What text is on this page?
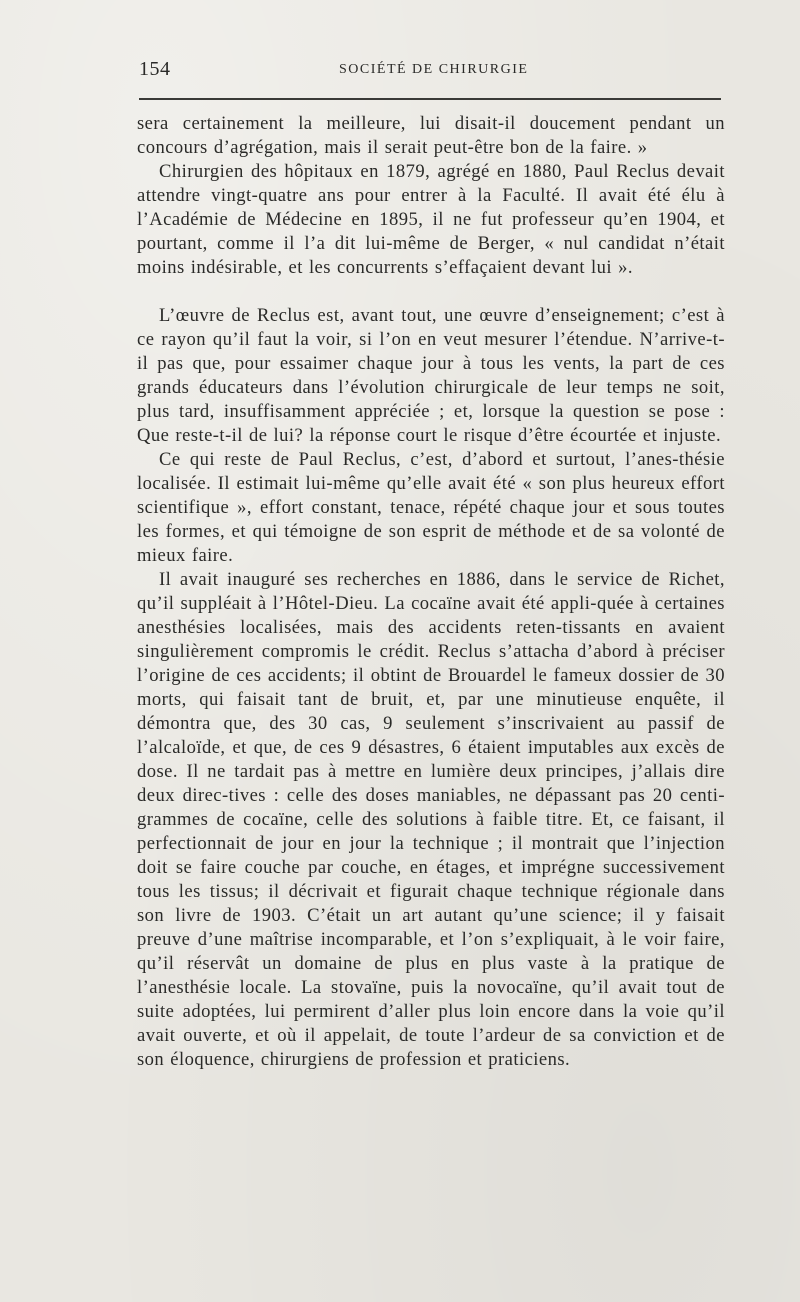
154	SOCIÉTÉ DE CHIRURGIE

sera certainement la meilleure, lui disait-il doucement pendant un concours d’agrégation, mais il serait peut-être bon de la faire. »

Chirurgien des hôpitaux en 1879, agrégé en 1880, Paul Reclus devait attendre vingt-quatre ans pour entrer à la Faculté. Il avait été élu à l’Académie de Médecine en 1895, il ne fut professeur qu’en 1904, et pourtant, comme il l’a dit lui-même de Berger, « nul candidat n’était moins indésirable, et les concurrents s’effaçaient devant lui ».

L’œuvre de Reclus est, avant tout, une œuvre d’enseignement; c’est à ce rayon qu’il faut la voir, si l’on en veut mesurer l’étendue. N’arrive-t-il pas que, pour essaimer chaque jour à tous les vents, la part de ces grands éducateurs dans l’évolution chirurgicale de leur temps ne soit, plus tard, insuffisamment appréciée ; et, lorsque la question se pose : Que reste-t-il de lui? la réponse court le risque d’être écourtée et injuste.

Ce qui reste de Paul Reclus, c’est, d’abord et surtout, l’anes-thésie localisée. Il estimait lui-même qu’elle avait été « son plus heureux effort scientifique », effort constant, tenace, répété chaque jour et sous toutes les formes, et qui témoigne de son esprit de méthode et de sa volonté de mieux faire.

Il avait inauguré ses recherches en 1886, dans le service de Richet, qu’il suppléait à l’Hôtel-Dieu. La cocaïne avait été appli-quée à certaines anesthésies localisées, mais des accidents reten-tissants en avaient singulièrement compromis le crédit. Reclus s’attacha d’abord à préciser l’origine de ces accidents; il obtint de Brouardel le fameux dossier de 30 morts, qui faisait tant de bruit, et, par une minutieuse enquête, il démontra que, des 30 cas, 9 seulement s’inscrivaient au passif de l’alcaloïde, et que, de ces 9 désastres, 6 étaient imputables aux excès de dose. Il ne tardait pas à mettre en lumière deux principes, j’allais dire deux direc-tives : celle des doses maniables, ne dépassant pas 20 centi-grammes de cocaïne, celle des solutions à faible titre. Et, ce faisant, il perfectionnait de jour en jour la technique ; il montrait que l’injection doit se faire couche par couche, en étages, et imprégne successivement tous les tissus; il décrivait et figurait chaque technique régionale dans son livre de 1903. C’était un art autant qu’une science; il y faisait preuve d’une maîtrise incomparable, et l’on s’expliquait, à le voir faire, qu’il réservât un domaine de plus en plus vaste à la pratique de l’anesthésie locale. La stovaïne, puis la novocaïne, qu’il avait tout de suite adoptées, lui permirent d’aller plus loin encore dans la voie qu’il avait ouverte, et où il appelait, de toute l’ardeur de sa conviction et de son éloquence, chirurgiens de profession et praticiens.
